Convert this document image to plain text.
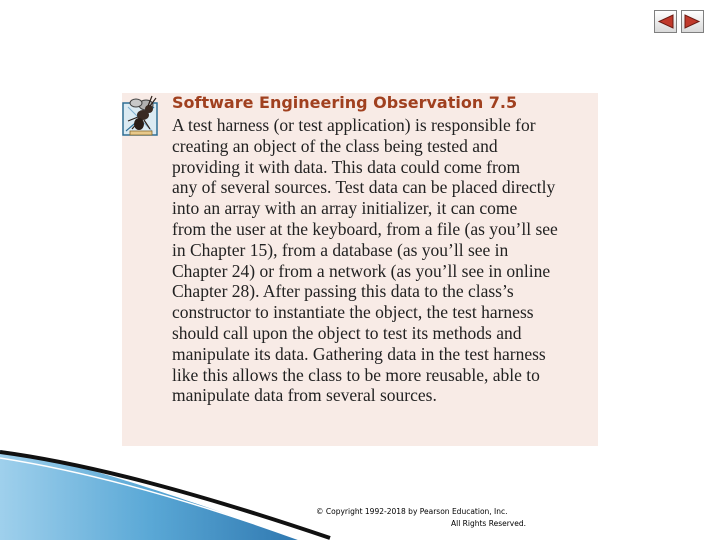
Software Engineering Observation 7.5

A test harness (or test application) is responsible for
creating an object of the class being tested and
providing it with data. This data could come from
any of several sources. Test data can be placed directly
into an array with an array initializer, it can come
from the user at the keyboard, from a file (as you’ll see
in Chapter 15), from a database (as you’ll see in
Chapter 24) or from a network (as you’ll see in online
Chapter 28). After passing this data to the class’s
constructor to instantiate the object, the test harness
should call upon the object to test its methods and
manipulate its data. Gathering data in the test harness
like this allows the class to be more reusable, able to
manipulate data from several sources.

© Copyright 1992-2018 by Pearson Education, Inc.
All Rights Reserved.
